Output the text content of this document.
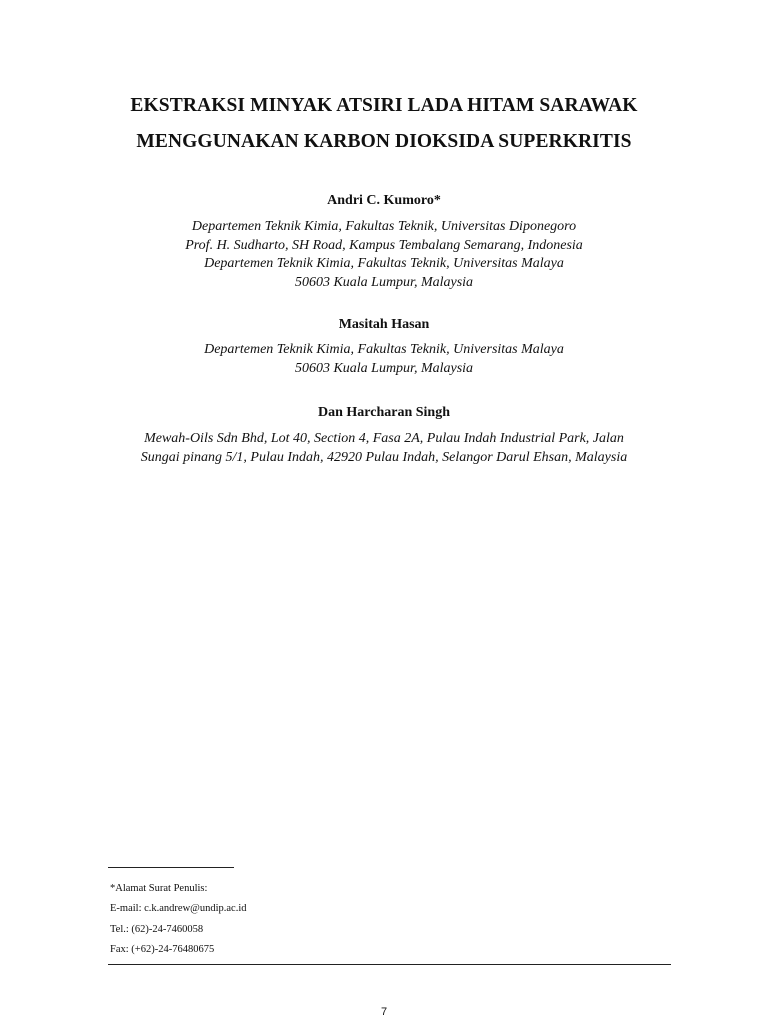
EKSTRAKSI MINYAK ATSIRI LADA HITAM SARAWAK
MENGGUNAKAN KARBON DIOKSIDA SUPERKRITIS
Andri C. Kumoro*
Departemen Teknik Kimia, Fakultas Teknik, Universitas Diponegoro
Prof. H. Sudharto, SH Road, Kampus Tembalang Semarang, Indonesia
Departemen Teknik Kimia, Fakultas Teknik, Universitas Malaya
50603 Kuala Lumpur, Malaysia
Masitah Hasan
Departemen Teknik Kimia, Fakultas Teknik, Universitas Malaya
50603 Kuala Lumpur, Malaysia
Dan Harcharan Singh
Mewah-Oils Sdn Bhd, Lot 40, Section 4, Fasa 2A, Pulau Indah Industrial Park, Jalan
Sungai pinang 5/1, Pulau Indah, 42920 Pulau Indah, Selangor Darul Ehsan, Malaysia
*Alamat Surat Penulis:
E-mail: c.k.andrew@undip.ac.id
Tel.: (62)-24-7460058
Fax: (+62)-24-76480675
7
